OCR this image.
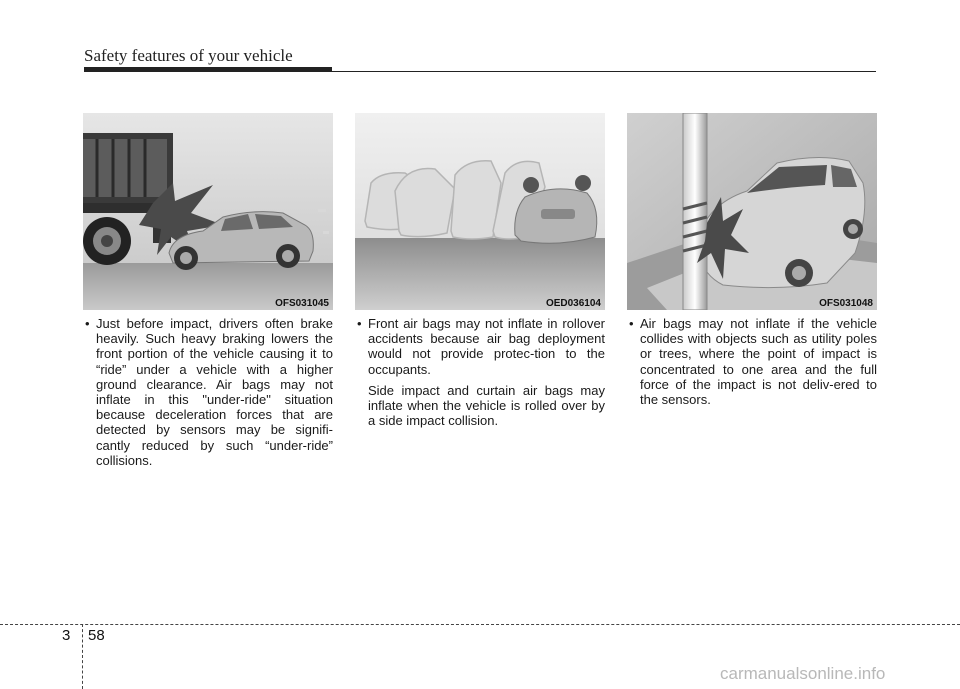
Safety features of your vehicle
OFS031045	OED036104	OFS031048

• Just before impact, drivers often brake heavily. Such heavy braking lowers the front portion of the vehicle causing it to “ride” under a vehicle with a higher ground clearance. Air bags may not inflate in this "under-ride" situation because deceleration forces that are detected by sensors may be signifi-cantly reduced by such “under-ride” collisions.

• Front air bags may not inflate in rollover accidents because air bag deployment would not provide protec-tion to the occupants.

Side impact and curtain air bags may inflate when the vehicle is rolled over by a side impact collision.

• Air bags may not inflate if the vehicle collides with objects such as utility poles or trees, where the point of impact is concentrated to one area and the full force of the impact is not deliv-ered to the sensors.

3 58
carmanualsonline.info
